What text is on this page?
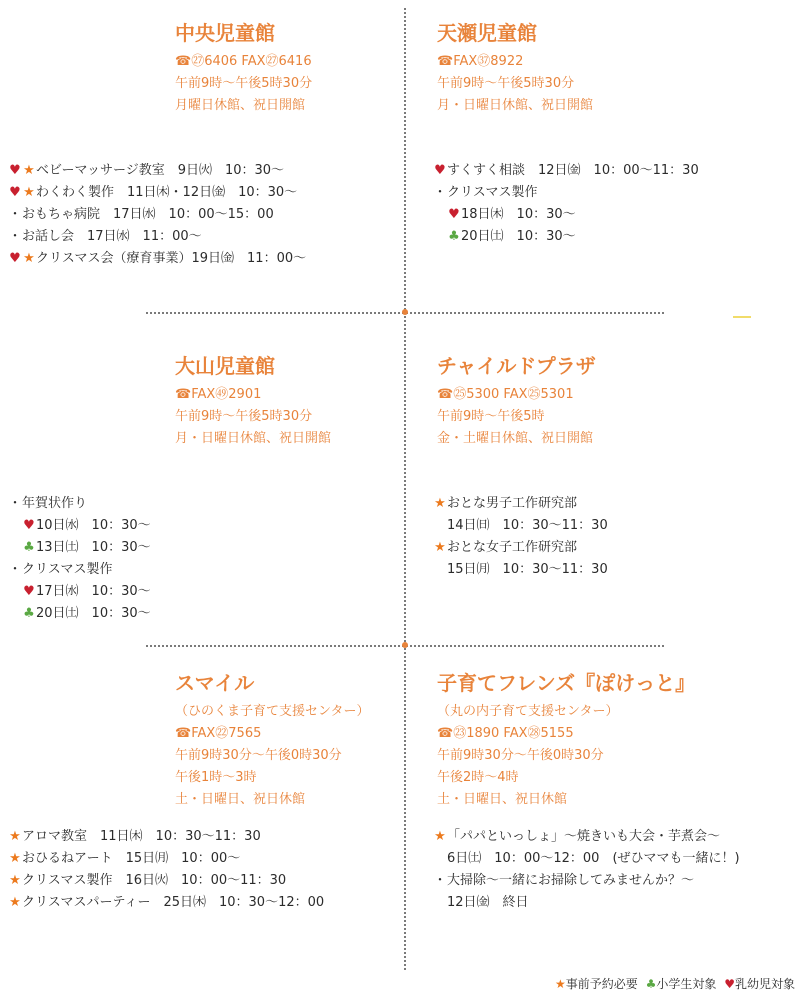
中央児童館
☎㉗6406 FAX㉗6416
午前9時〜午後5時30分
月曜日休館、祝日開館
♥ ★ベビーマッサージ教室　9日㈫　10：30〜
♥ ★わくわく製作　11日㈭・12日㈮　10：30〜
・おもちゃ病院　17日㈬　10：00〜15：00
・お話し会　17日㈬　11：00〜
♥ ★クリスマス会（療育事業）19日㈮　11：00〜
天瀬児童館
☎FAX㊲8922
午前9時〜午後5時30分
月・日曜日休館、祝日開館
♥すくすく相談　12日㈮　10：00〜11：30
・クリスマス製作
♥18日㈭　10：30〜
♣20日㈯　10：30〜
大山児童館
☎FAX㊾2901
午前9時〜午後5時30分
月・日曜日休館、祝日開館
・年賀状作り
♥10日㈬　10：30〜
♣13日㈯　10：30〜
・クリスマス製作
♥17日㈬　10：30〜
♣20日㈯　10：30〜
チャイルドプラザ
☎㉕5300 FAX㉕5301
午前9時〜午後5時
金・土曜日休館、祝日開館
★おとな男子工作研究部
14日㈰　10：30〜11：30
★おとな女子工作研究部
15日㈪　10：30〜11：30
スマイル
（ひのくま子育て支援センター）
☎FAX㉒7565
午前9時30分〜午後0時30分
午後1時〜3時
土・日曜日、祝日休館
★アロマ教室　11日㈭　10：30〜11：30
★おひるねアート　15日㈪　10：00〜
★クリスマス製作　16日㈫　10：00〜11：30
★クリスマスパーティー　25日㈭　10：30〜12：00
子育てフレンズ『ぽけっと』
（丸の内子育て支援センター）
☎㉓1890 FAX㉘5155
午前9時30分〜午後0時30分
午後2時〜4時
土・日曜日、祝日休館
★「パパといっしょ」〜焼きいも大会・芋煮会〜
6日㈯　10：00〜12：00　(ぜひママも一緒に！)
・大掃除〜一緒にお掃除してみませんか？〜
12日㈮　終日
★事前予約必要 ♣小学生対象 ♥乳幼児対象
